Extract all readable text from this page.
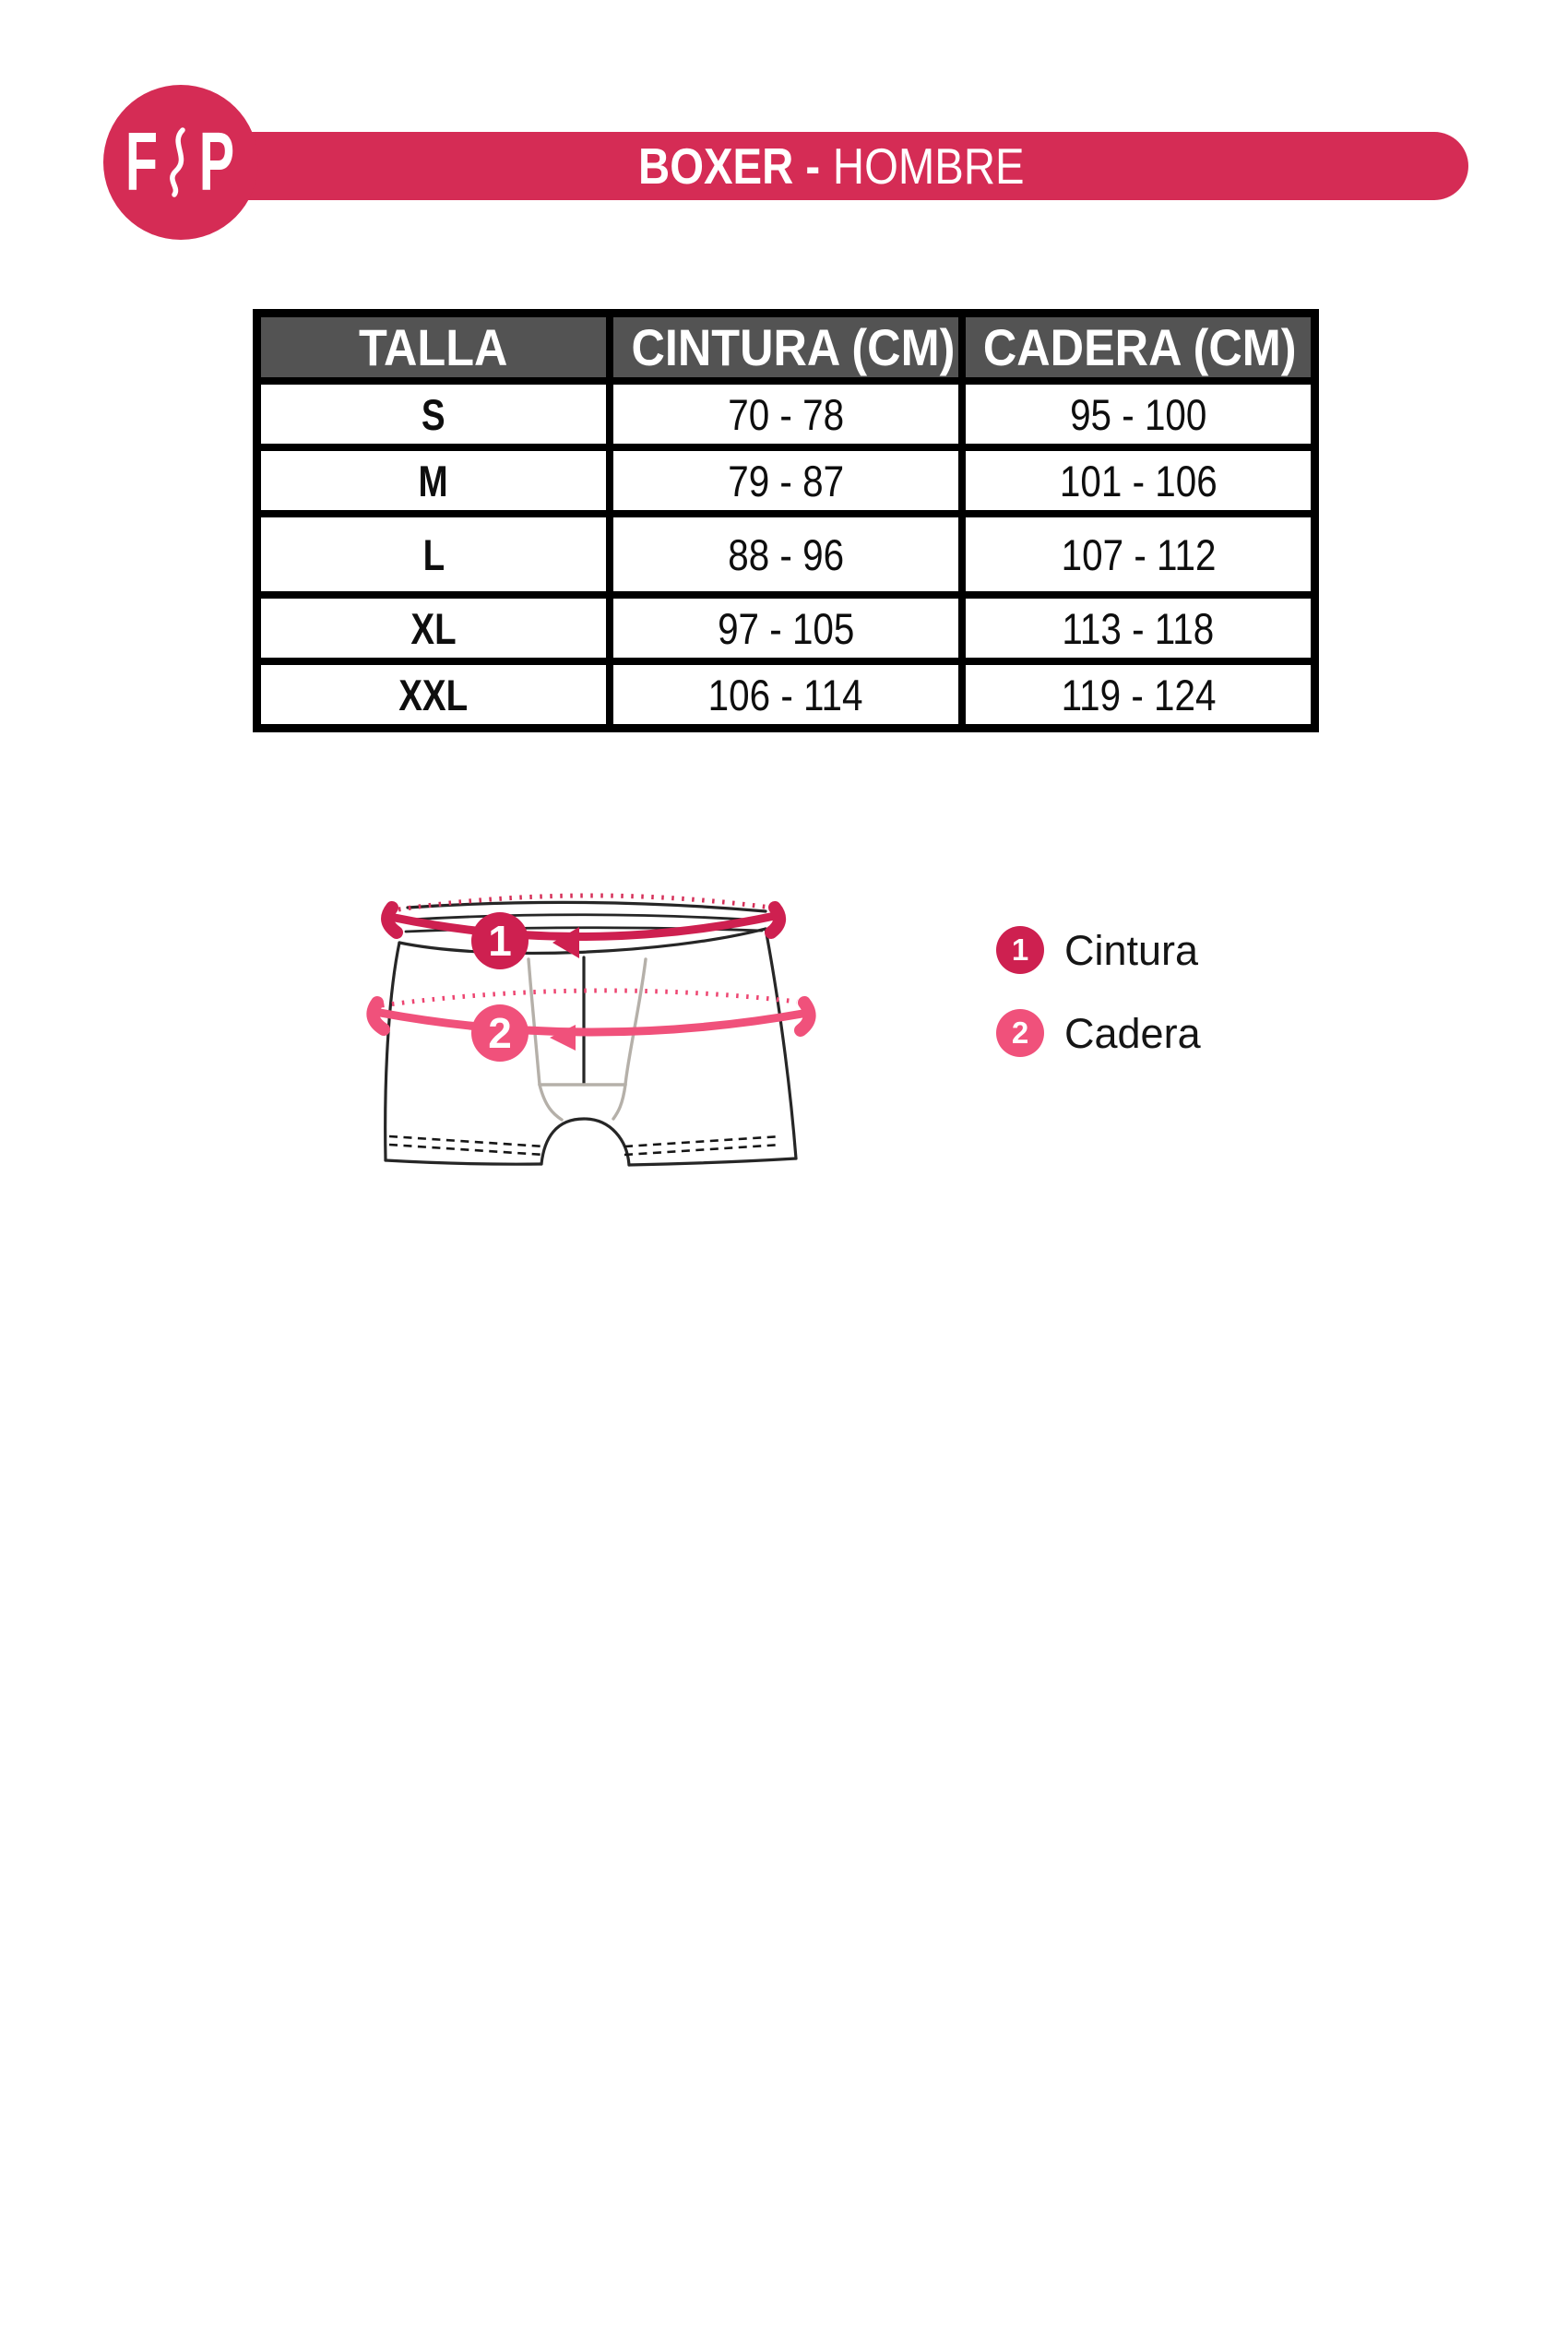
BOXER - HOMBRE
F P
TALLA	CINTURA (CM)	CADERA (CM)
S	70 - 78	95 - 100
M	79 - 87	101 - 106
L	88 - 96	107 - 112
XL	97 - 105	113 - 118
XXL	106 - 114	119 - 124
1
2
1 Cintura
2 Cadera
